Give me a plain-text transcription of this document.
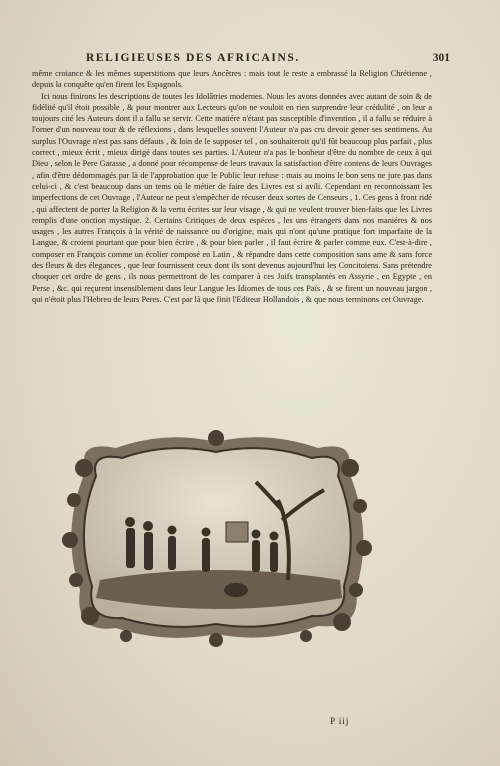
RELIGIEUSES DES AFRICAINS.	301

même croiance & les mêmes superstitions que leurs Ancêtres : mais tout le reste a embrassé la Religion Chrétienne , depuis la conquête qu'en firent les Espagnols.

Ici nous finirons les descriptions de toutes les Idolâtries modernes. Nous les avons données avec autant de soin & de fidélité qu'il étoit possible , & pour montrer aux Lecteurs qu'on ne vouloit en rien surprendre leur crédulité , on leur a toujours cité les Auteurs dont il a fallu se servir. Cette matiére n'étant pas susceptible d'invention , il a fallu se réduire à l'orner d'un nouveau tour & de réflexions , dans lesquelles souvent l'Auteur n'a pas cru devoir gener ses sentimens. Au surplus l'Ouvrage n'est pas sans défauts , & loin de le supposer tel , on souhaiteroit qu'il fût beaucoup plus parfait , plus correct , mieux écrit , mieux dirigé dans toutes ses parties. L'Auteur n'a pas le bonheur d'être du nombre de ceux à qui Dieu , selon le Pere Garasse , a donné pour récompense de leurs travaux la satisfaction d'être contens de leurs Ouvrages , afin d'être dédommagés par là de l'approbation que le Public leur refuse : mais au moins le bon sens ne jure pas dans celui-ci , & c'est beaucoup dans un tems où le métier de faire des Livres est si avili. Cependant en reconnoissant les imperfections de cet Ouvrage , l'Auteur ne peut s'empêcher de récuser deux sortes de Censeurs , 1. Ces gens à front ridé , qui affectent de porter la Religion & la vertu écrites sur leur visage , & qui ne veulent trouver bien-faits que les Livres remplis d'une onction mystique. 2. Certains Critiques de deux espéces , les uns étrangers dans nos maniéres & nos usages , les autres François à la vérité de naissance ou d'origine, mais qui n'ont qu'une pratique fort imparfaite de la Langue, & croient pourtant que pour bien écrire , & pour bien parler , il faut écrire & parler comme eux. C'est-à-dire , composer en François comme un écolier composé en Latin , & répandre dans cette composition sans ame & sans force des fleurs & des élegances , que leur fournissent ceux dont ils sont devenus aujourd'hui les Concitoiens. Sans prétendre choquer cet ordre de gens , ils nous permettront de les comparer à ces Juifs transplantés en Assyrie , en Egypte , en Perse , &c. qui reçurent insensiblement dans leur Langue les Idiomes de tous ces Païs , & se firent un nouveau jargon , qui n'étoit plus l'Hebreu de leurs Peres. C'est par là que finit l'Editeur Hollandois , & que nous terminons cet Ouvrage.

P iij
